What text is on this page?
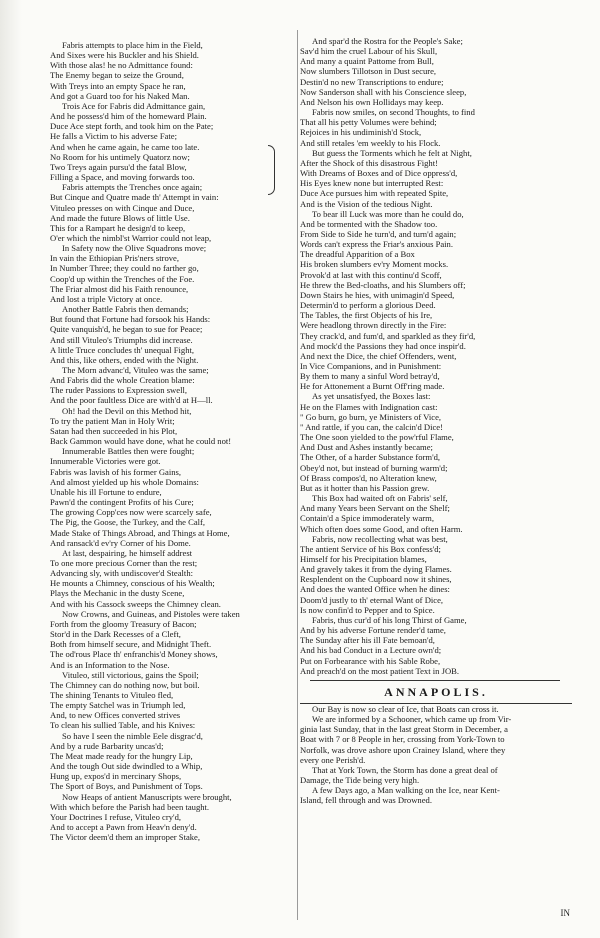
Fabris attempts to place him in the Field,
And Sixes were his Buckler and his Shield.
With those alas! he no Admittance found:
The Enemy began to seize the Ground,
With Treys into an empty Space he ran,
And got a Guard too for his Naked Man.
Trois Ace for Fabris did Admittance gain,
And he possess'd him of the homeward Plain.
Duce Ace stept forth, and took him on the Pate;
He falls a Victim to his adverse Fate;
And when he came again, he came too late.
No Room for his untimely Quatorz now;
Two Treys again pursu'd the fatal Blow,
Filling a Space, and moving forwards too.
Fabris attempts the Trenches once again;
But Cinque and Quatre made th' Attempt in vain:
Vituleo presses on with Cinque and Duce,
And made the future Blows of little Use.
This for a Rampart he design'd to keep,
O'er which the nimbl'st Warrior could not leap,
In Safety now the Olive Squadrons move;
In vain the Ethiopian Pris'ners strove,
In Number Three; they could no farther go,
Coop'd up within the Trenches of the Foe.
The Friar almost did his Faith renounce,
And lost a triple Victory at once.
Another Battle Fabris then demands;
But found that Fortune had forsook his Hands:
Quite vanquish'd, he began to sue for Peace;
And still Vituleo's Triumphs did increase.
A little Truce concludes th' unequal Fight,
And this, like others, ended with the Night.
The Morn advanc'd, Vituleo was the same;
And Fabris did the whole Creation blame:
The ruder Passions to Expression swell,
And the poor faultless Dice are with'd at H—ll.
Oh! had the Devil on this Method hit,
To try the patient Man in Holy Writ;
Satan had then succeeded in his Plot,
Back Gammon would have done, what he could not!
Innumerable Battles then were fought;
Innumerable Victories were got.
Fabris was lavish of his former Gains,
And almost yielded up his whole Domains:
Unable his ill Fortune to endure,
Pawn'd the contingent Profits of his Cure;
The growing Copp'ces now were scarcely safe,
The Pig, the Goose, the Turkey, and the Calf,
Made Stake of Things Abroad, and Things at Home,
And ransack'd ev'ry Corner of his Dome.
At last, despairing, he himself addrest
To one more precious Corner than the rest;
Advancing sly, with undiscover'd Stealth:
He mounts a Chimney, conscious of his Wealth;
Plays the Mechanic in the dusty Scene,
And with his Cassock sweeps the Chimney clean.
Now Crowns, and Guineas, and Pistoles were taken
Forth from the gloomy Treasury of Bacon;
Stor'd in the Dark Recesses of a Cleft,
Both from himself secure, and Midnight Theft.
The od'rous Place th' enfranchis'd Money shows,
And is an Information to the Nose.
Vituleo, still victorious, gains the Spoil;
The Chimney can do nothing now, but boil.
The shining Tenants to Vituleo fled,
The empty Satchel was in Triumph led,
And, to new Offices converted strives
To clean his sullied Table, and his Knives:
So have I seen the nimble Eele disgrac'd,
And by a rude Barbarity uncas'd;
The Meat made ready for the hungry Lip,
And the tough Out side dwindled to a Whip,
Hung up, expos'd in mercinary Shops,
The Sport of Boys, and Punishment of Tops.
Now Heaps of antient Manuscripts were brought,
With which before the Parish had been taught.
Your Doctrines I refuse, Vituleo cry'd,
And to accept a Pawn from Heav'n deny'd.
The Victor deem'd them an improper Stake,
And spar'd the Rostra for the People's Sake;
Sav'd him the cruel Labour of his Skull,
And many a quaint Pattome from Bull,
Now slumbers Tillotson in Dust secure,
Destin'd no new Transcriptions to endure;
Now Sanderson shall with his Conscience sleep,
And Nelson his own Hollidays may keep.
Fabris now smiles, on second Thoughts, to find
That all his petty Volumes were behind;
Rejoices in his undiminish'd Stock,
And still retales 'em weekly to his Flock.
But guess the Torments which he felt at Night,
After the Shock of this disastrous Fight!
With Dreams of Boxes and of Dice oppress'd,
His Eyes knew none but interrupted Rest:
Duce Ace pursues him with repeated Spite,
And is the Vision of the tedious Night.
To bear ill Luck was more than he could do,
And be tormented with the Shadow too.
From Side to Side he turn'd, and turn'd again;
Words can't express the Friar's anxious Pain.
The dreadful Apparition of a Box
His broken slumbers ev'ry Moment mocks.
Provok'd at last with this continu'd Scoff,
He threw the Bed-cloaths, and his Slumbers off;
Down Stairs he hies, with unimagin'd Speed,
Determin'd to perform a glorious Deed.
The Tables, the first Objects of his Ire,
Were headlong thrown directly in the Fire:
They crack'd, and fum'd, and sparkled as they fir'd,
And mock'd the Passions they had once inspir'd.
And next the Dice, the chief Offenders, went,
In Vice Companions, and in Punishment:
By them to many a sinful Word betray'd,
He for Attonement a Burnt Off'ring made.
As yet unsatisfyed, the Boxes last:
He on the Flames with Indignation cast:
" Go burn, go burn, ye Ministers of Vice,
" And rattle, if you can, the calcin'd Dice!
The One soon yielded to the pow'rful Flame,
And Dust and Ashes instantly became;
The Other, of a harder Substance form'd,
Obey'd not, but instead of burning warm'd;
Of Brass compos'd, no Alteration knew,
But as it hotter than his Passion grew.
This Box had waited oft on Fabris' self,
And many Years been Servant on the Shelf;
Contain'd a Spice immoderately warm,
Which often does some Good, and often Harm.
Fabris, now recollecting what was best,
The antient Service of his Box confess'd;
Himself for his Precipitation blames,
And gravely takes it from the dying Flames.
Resplendent on the Cupboard now it shines,
And does the wanted Office when he dines:
Doom'd justly to th' eternal Want of Dice,
Is now confin'd to Pepper and to Spice.
Fabris, thus cur'd of his long Thirst of Game,
And by his adverse Fortune render'd tame,
The Sunday after his ill Fate bemoan'd,
And his bad Conduct in a Lecture own'd;
Put on Forbearance with his Sable Robe,
And preach'd on the most patient Text in JOB.
ANNAPOLIS.
Our Bay is now so clear of Ice, that Boats can cross it.
We are informed by a Schooner, which came up from Vir-
ginia last Sunday, that in the last great Storm in December, a
Boat with 7 or 8 People in her, crossing from York-Town to
Norfolk, was drove ashore upon Crainey Island, where they
every one Perish'd.
That at York Town, the Storm has done a great deal of
Damage, the Tide being very high.
A few Days ago, a Man walking on the Ice, near Kent-
Island, fell through and was Drowned.
IN
